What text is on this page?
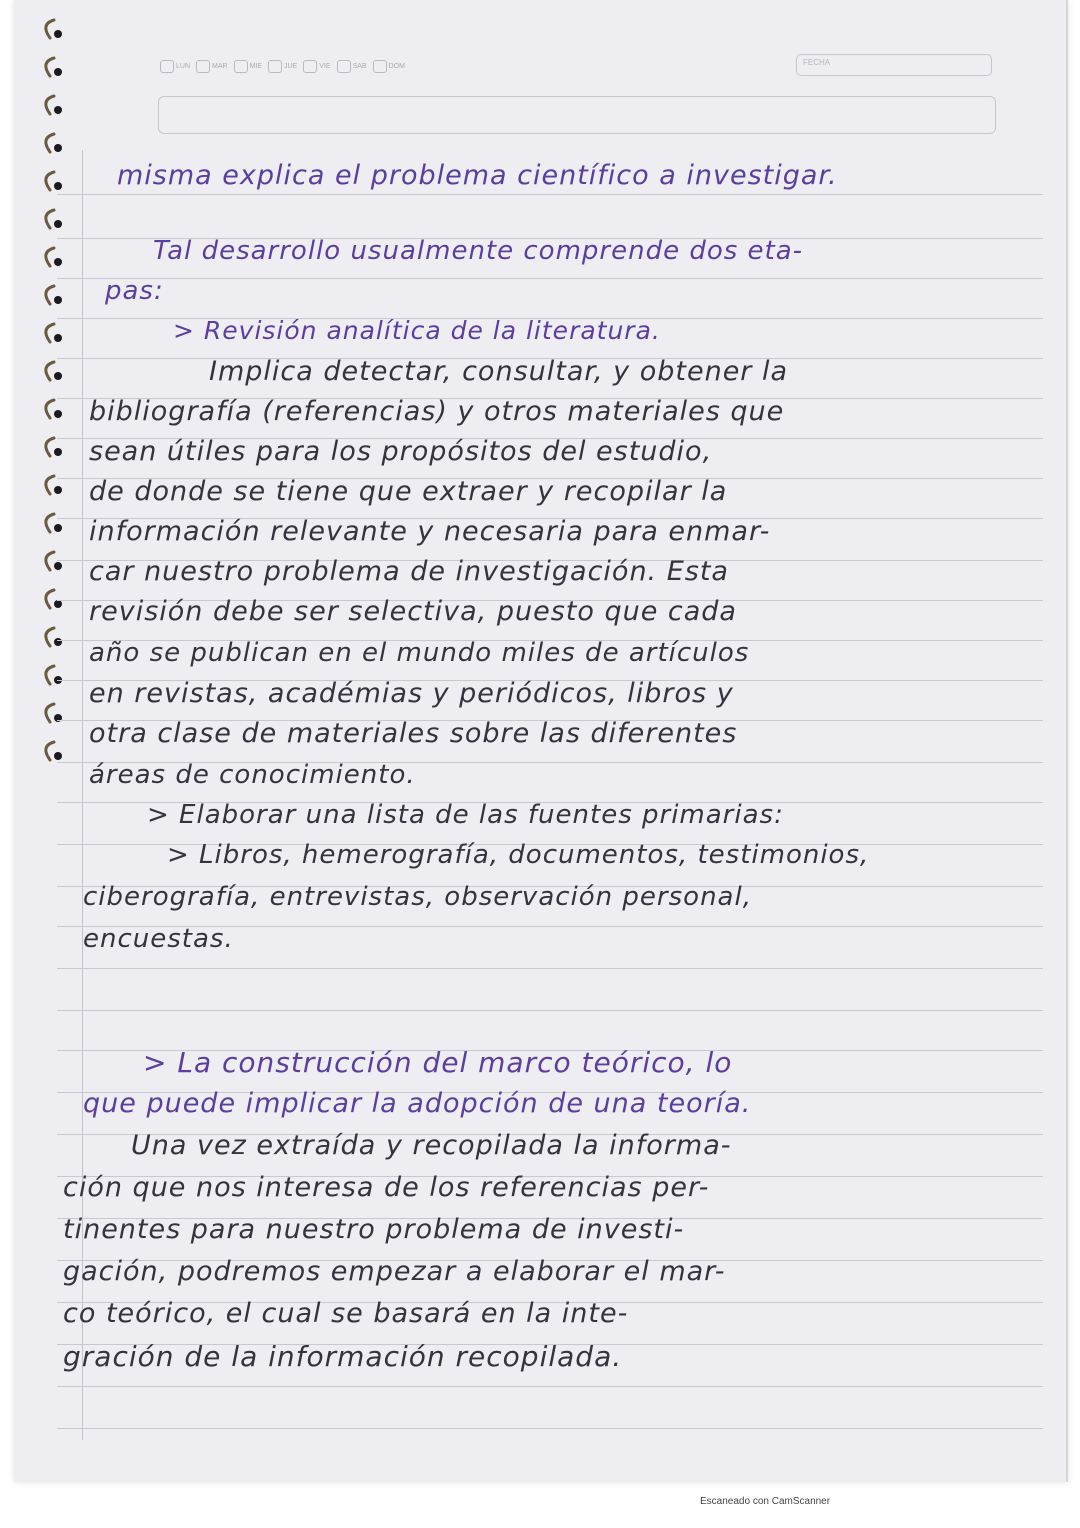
LUN	MAR	MIE	JUE	VIE	SAB	DOM	FECHA
misma explica el problema científico a investigar.
Tal desarrollo usualmente comprende dos eta-
pas:
> Revisión analítica de la literatura.
Implica detectar, consultar, y obtener la
bibliografía (referencias) y otros materiales que
sean útiles para los propósitos del estudio,
de donde se tiene que extraer y recopilar la
información relevante y necesaria para enmar-
car nuestro problema de investigación. Esta
revisión debe ser selectiva, puesto que cada
año se publican en el mundo miles de artículos
en revistas, académias y periódicos, libros y
otra clase de materiales sobre las diferentes
áreas de conocimiento.
> Elaborar una lista de las fuentes primarias:
> Libros, hemerografía, documentos, testimonios,
ciberografía, entrevistas, observación personal,
encuestas.
> La construcción del marco teórico, lo
que puede implicar la adopción de una teoría.
Una vez extraída y recopilada la informa-
ción que nos interesa de los referencias per-
tinentes para nuestro problema de investi-
gación, podremos empezar a elaborar el mar-
co teórico, el cual se basará en la inte-
gración de la información recopilada.
Escaneado con CamScanner
